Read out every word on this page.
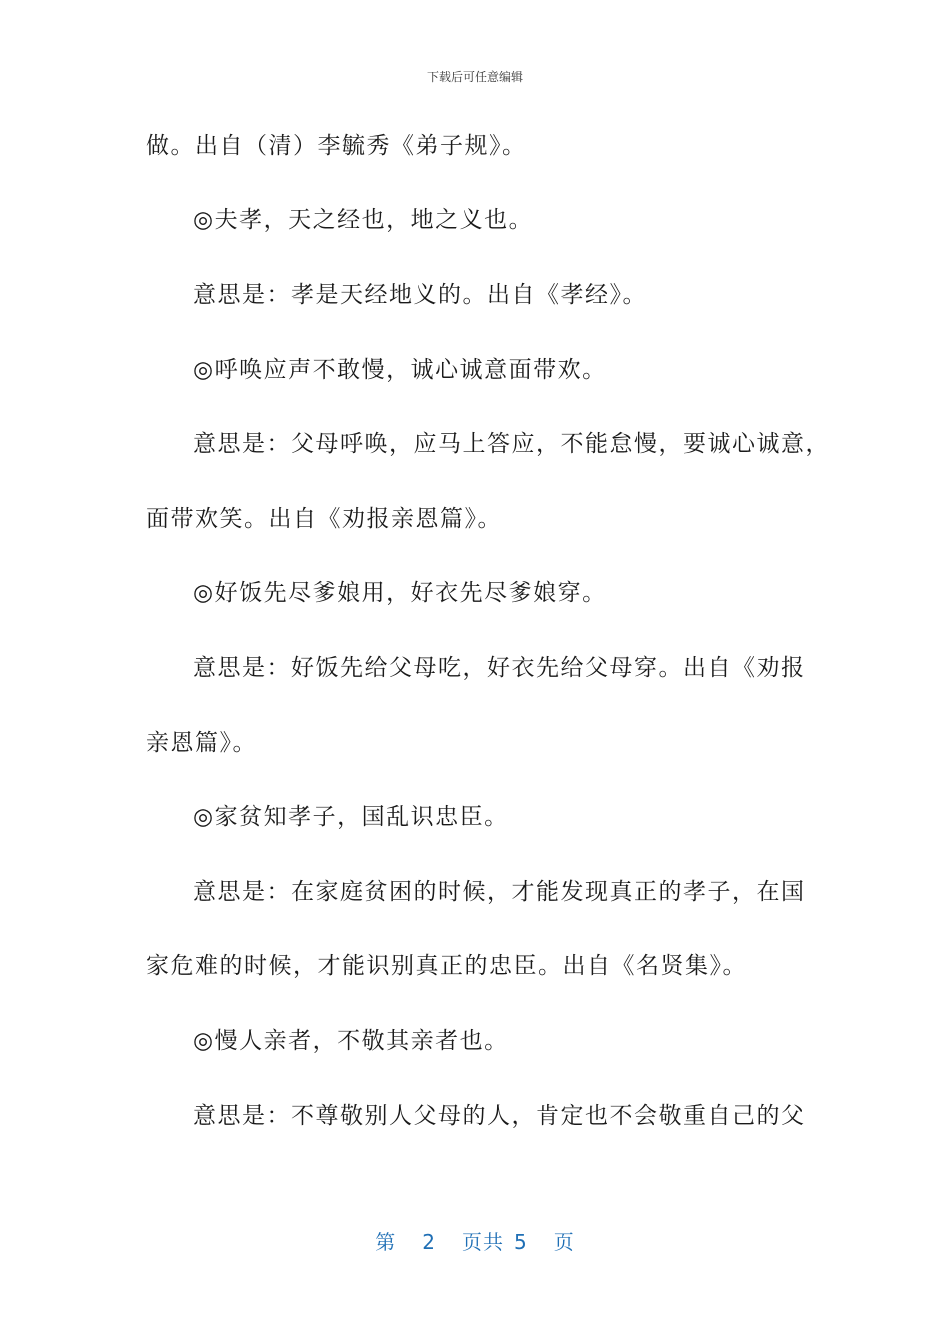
下载后可任意编辑
做。出自（清）李毓秀《弟子规》。
◎夫孝，天之经也，地之义也。
意思是：孝是天经地义的。出自《孝经》。
◎呼唤应声不敢慢，诚心诚意面带欢。
意思是：父母呼唤，应马上答应，不能怠慢，要诚心诚意，
面带欢笑。出自《劝报亲恩篇》。
◎好饭先尽爹娘用，好衣先尽爹娘穿。
意思是：好饭先给父母吃，好衣先给父母穿。出自《劝报
亲恩篇》。
◎家贫知孝子，国乱识忠臣。
意思是：在家庭贫困的时候，才能发现真正的孝子，在国
家危难的时候，才能识别真正的忠臣。出自《名贤集》。
◎慢人亲者，不敬其亲者也。
意思是：不尊敬别人父母的人，肯定也不会敬重自己的父
第 2 页共 5 页
